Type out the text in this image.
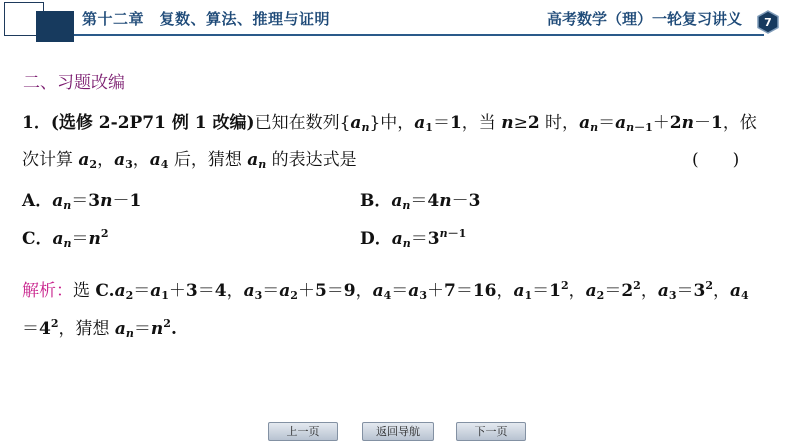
第十二章　复数、算法、推理与证明	高考数学（理）一轮复习讲义 7
二、习题改编
1．(选修 2-2P71 例 1 改编)已知在数列$\{a_n\}$中，$a_1=1$，当 n≥2 时，$a_n=a_{n-1}+2n-1$，依
次计算 $a_2$，$a_3$，$a_4$ 后，猜想 $a_n$ 的表达式是	(　　)
A．$a_n=3n-1$	B．$a_n=4n-3$
C．$a_n=n^2$	D．$a_n=3^{n-1}$
解析：选 $C.a_2=a_1+3=4$，$a_3=a_2+5=9$，$a_4=a_3+7=16$，$a_1=1^2$，$a_2=2^2$，$a_3=3^2$，$a_4$
$=4^2$，猜想 $a_n=n^2$.
上一页	返回导航	下一页
